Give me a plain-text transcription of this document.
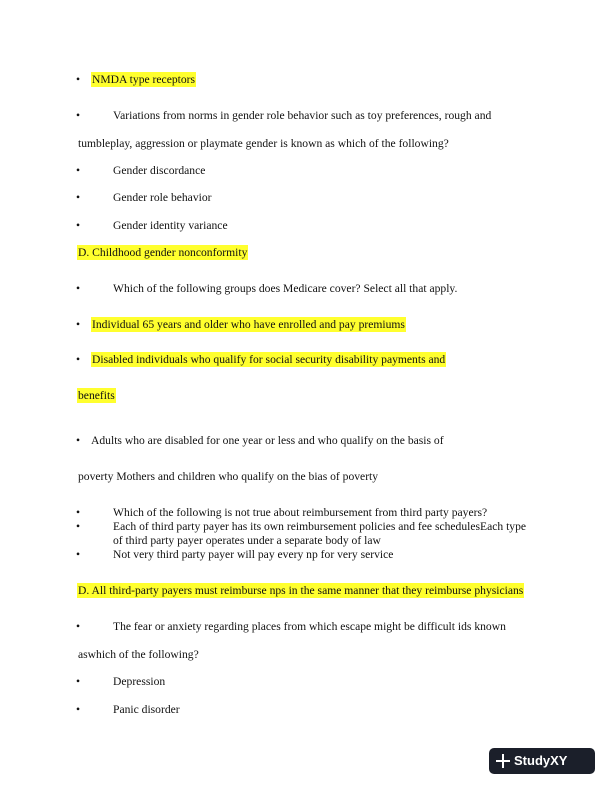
• NMDA type receptors
•	Variations from norms in gender role behavior such as toy preferences, rough and
tumbleplay, aggression or playmate gender is known as which of the following?
•	Gender discordance
•	Gender role behavior
•	Gender identity variance
D. Childhood gender nonconformity
•	Which of the following groups does Medicare cover? Select all that apply.
• Individual 65 years and older who have enrolled and pay premiums
• Disabled individuals who qualify for social security disability payments and
benefits
• Adults who are disabled for one year or less and who qualify on the basis of
poverty Mothers and children who qualify on the bias of poverty
•	Which of the following is not true about reimbursement from third party payers?
•	Each of third party payer has its own reimbursement policies and fee schedulesEach type
of third party payer operates under a separate body of law
•	Not very third party payer will pay every np for very service
D. All third-party payers must reimburse nps in the same manner that they reimburse physicians
•	The fear or anxiety regarding places from which escape might be difficult ids known
aswhich of the following?
•	Depression
•	Panic disorder
StudyXY
